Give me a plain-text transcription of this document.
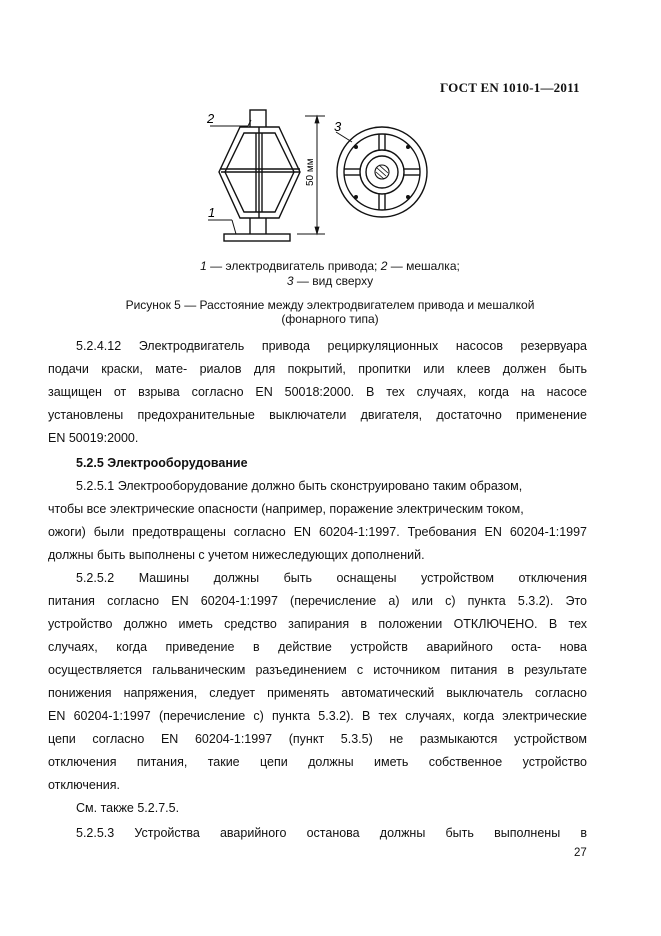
ГОСТ EN 1010-1—2011
2
1
3
50 мм
1 — электродвигатель привода; 2 — мешалка;
3 — вид сверху
Рисунок 5 — Расстояние между электродвигателем привода и мешалкой
(фонарного типа)
5.2.4.12 Электродвигатель привода рециркуляционных насосов резервуара
подачи краски, мате- риалов для покрытий, пропитки или клеев должен быть
защищен от взрыва согласно EN 50018:2000. В тех случаях, когда на насосе
установлены предохранительные выключатели двигателя, достаточно применение
EN 50019:2000.
5.2.5 Электрооборудование
5.2.5.1 Электрооборудование должно быть сконструировано таким образом,
чтобы все электрические опасности (например, поражение электрическим током,
ожоги) были предотвращены согласно EN 60204-1:1997. Требования EN 60204-1:1997
должны быть выполнены с учетом нижеследующих дополнений.
5.2.5.2 Машины должны быть оснащены устройством отключения
питания согласно EN 60204-1:1997 (перечисление а) или с) пункта 5.3.2). Это
устройство должно иметь средство запирания в положении ОТКЛЮЧЕНО. В тех
случаях, когда приведение в действие устройств аварийного оста- нова
осуществляется гальваническим разъединением с источником питания в результате
понижения напряжения, следует применять автоматический выключатель согласно
EN 60204-1:1997 (перечисление с) пункта 5.3.2). В тех случаях, когда электрические
цепи согласно EN 60204-1:1997 (пункт 5.3.5) не размыкаются устройством
отключения питания, такие цепи должны иметь собственное устройство
отключения.
См. также 5.2.7.5.
5.2.5.3 Устройства аварийного останова должны быть выполнены в
27
